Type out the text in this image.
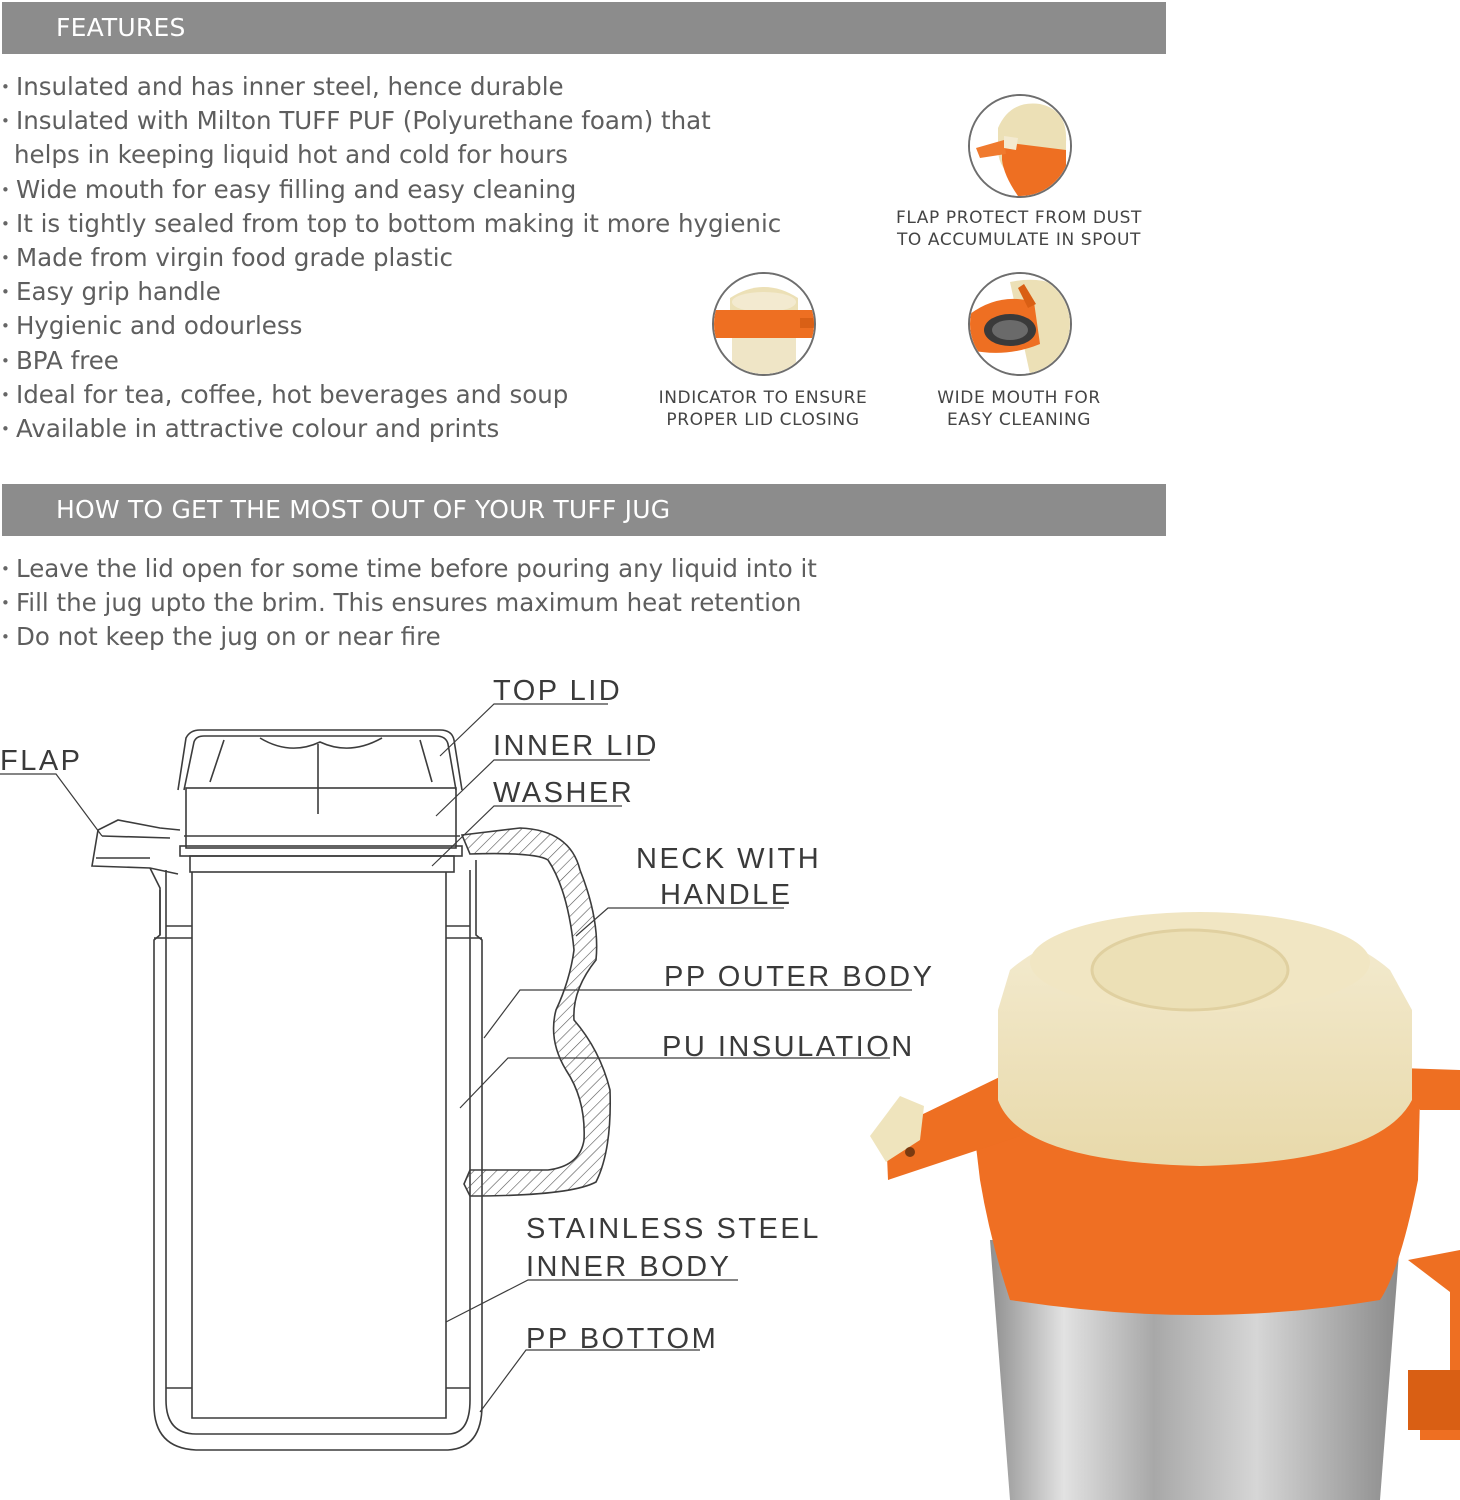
FEATURES
• Insulated and has inner steel, hence durable
• Insulated with Milton TUFF PUF (Polyurethane foam) that
helps in keeping liquid hot and cold for hours
• Wide mouth for easy filling and easy cleaning
• It is tightly sealed from top to bottom making it more hygienic
• Made from virgin food grade plastic
• Easy grip handle
• Hygienic and odourless
• BPA free
• Ideal for tea, coffee, hot beverages and soup
• Available in attractive colour and prints
FLAP PROTECT FROM DUST
TO ACCUMULATE IN SPOUT
INDICATOR TO ENSURE
PROPER LID CLOSING
WIDE MOUTH FOR
EASY CLEANING
HOW TO GET THE MOST OUT OF YOUR TUFF JUG
• Leave the lid open for some time before pouring any liquid into it
• Fill the jug upto the brim. This ensures maximum heat retention
• Do not keep the jug on or near fire
TOP LID
INNER LID
WASHER
FLAP
NECK WITH
HANDLE
PP OUTER BODY
PU INSULATION
STAINLESS STEEL
INNER BODY
PP BOTTOM
